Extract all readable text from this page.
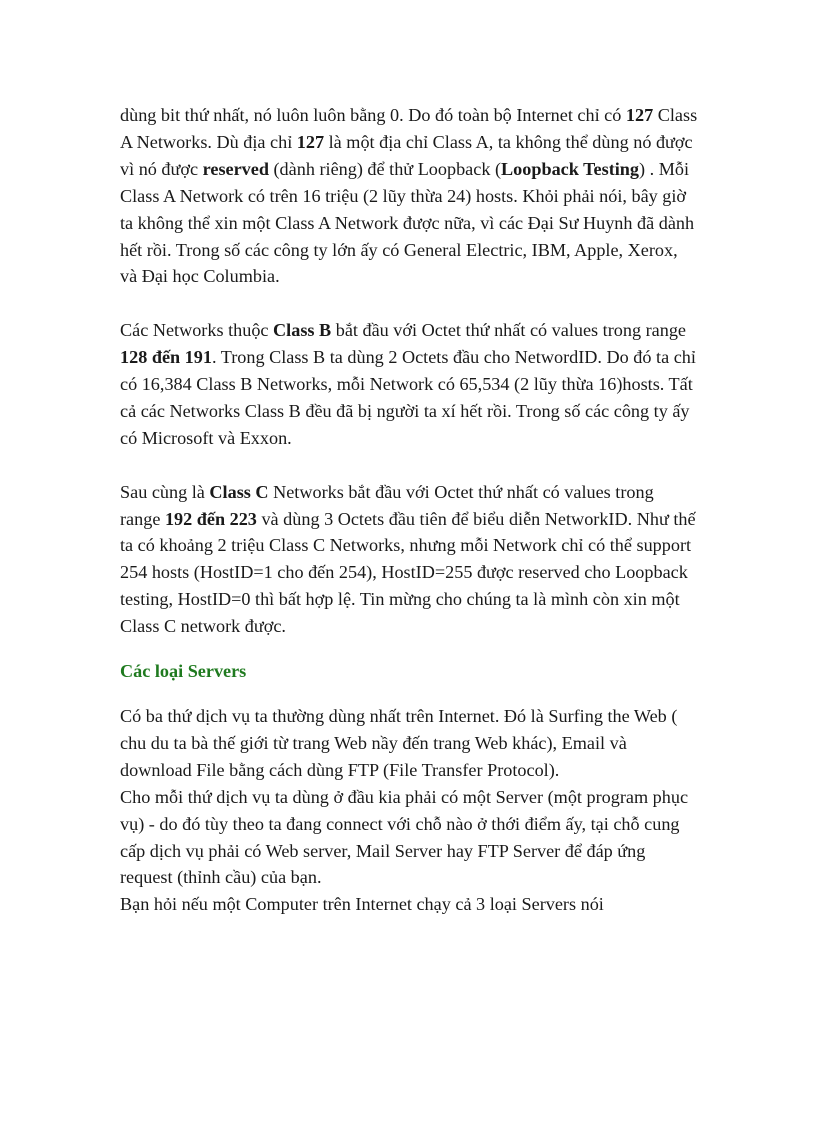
dùng bit thứ nhất, nó luôn luôn bằng 0. Do đó toàn bộ Internet chỉ có 127 Class A Networks. Dù địa chỉ 127 là một địa chỉ Class A, ta không thể dùng nó được vì nó được reserved (dành riêng) để thử Loopback (Loopback Testing) . Mỗi Class A Network có trên 16 triệu (2 lũy thừa 24) hosts. Khỏi phải nói, bây giờ ta không thể xin một Class A Network được nữa, vì các Đại Sư Huynh đã dành hết rồi. Trong số các công ty lớn ấy có General Electric, IBM, Apple, Xerox, và Đại học Columbia.

Các Networks thuộc Class B bắt đầu với Octet thứ nhất có values trong range 128 đến 191. Trong Class B ta dùng 2 Octets đầu cho NetwordID. Do đó ta chỉ có 16,384 Class B Networks, mỗi Network có 65,534 (2 lũy thừa 16)hosts. Tất cả các Networks Class B đều đã bị người ta xí hết rồi. Trong số các công ty ấy có Microsoft và Exxon.

Sau cùng là Class C Networks bắt đầu với Octet thứ nhất có values trong range 192 đến 223 và dùng 3 Octets đầu tiên để biểu diễn NetworkID. Như thế ta có khoảng 2 triệu Class C Networks, nhưng mỗi Network chỉ có thể support 254 hosts (HostID=1 cho đến 254), HostID=255 được reserved cho Loopback testing, HostID=0 thì bất hợp lệ. Tin mừng cho chúng ta là mình còn xin một Class C network được.

Các loại Servers

Có ba thứ dịch vụ ta thường dùng nhất trên Internet. Đó là Surfing the Web ( chu du ta bà thế giới từ trang Web nầy đến trang Web khác), Email và download File bằng cách dùng FTP (File Transfer Protocol).

Cho mỗi thứ dịch vụ ta dùng ở đầu kia phải có một Server (một program phục vụ) - do đó tùy theo ta đang connect với chỗ nào ở thới điểm ấy, tại chỗ cung cấp dịch vụ phải có Web server, Mail Server hay FTP Server để đáp ứng request (thỉnh cầu) của bạn.

Bạn hỏi nếu một Computer trên Internet chạy cả 3 loại Servers nói
